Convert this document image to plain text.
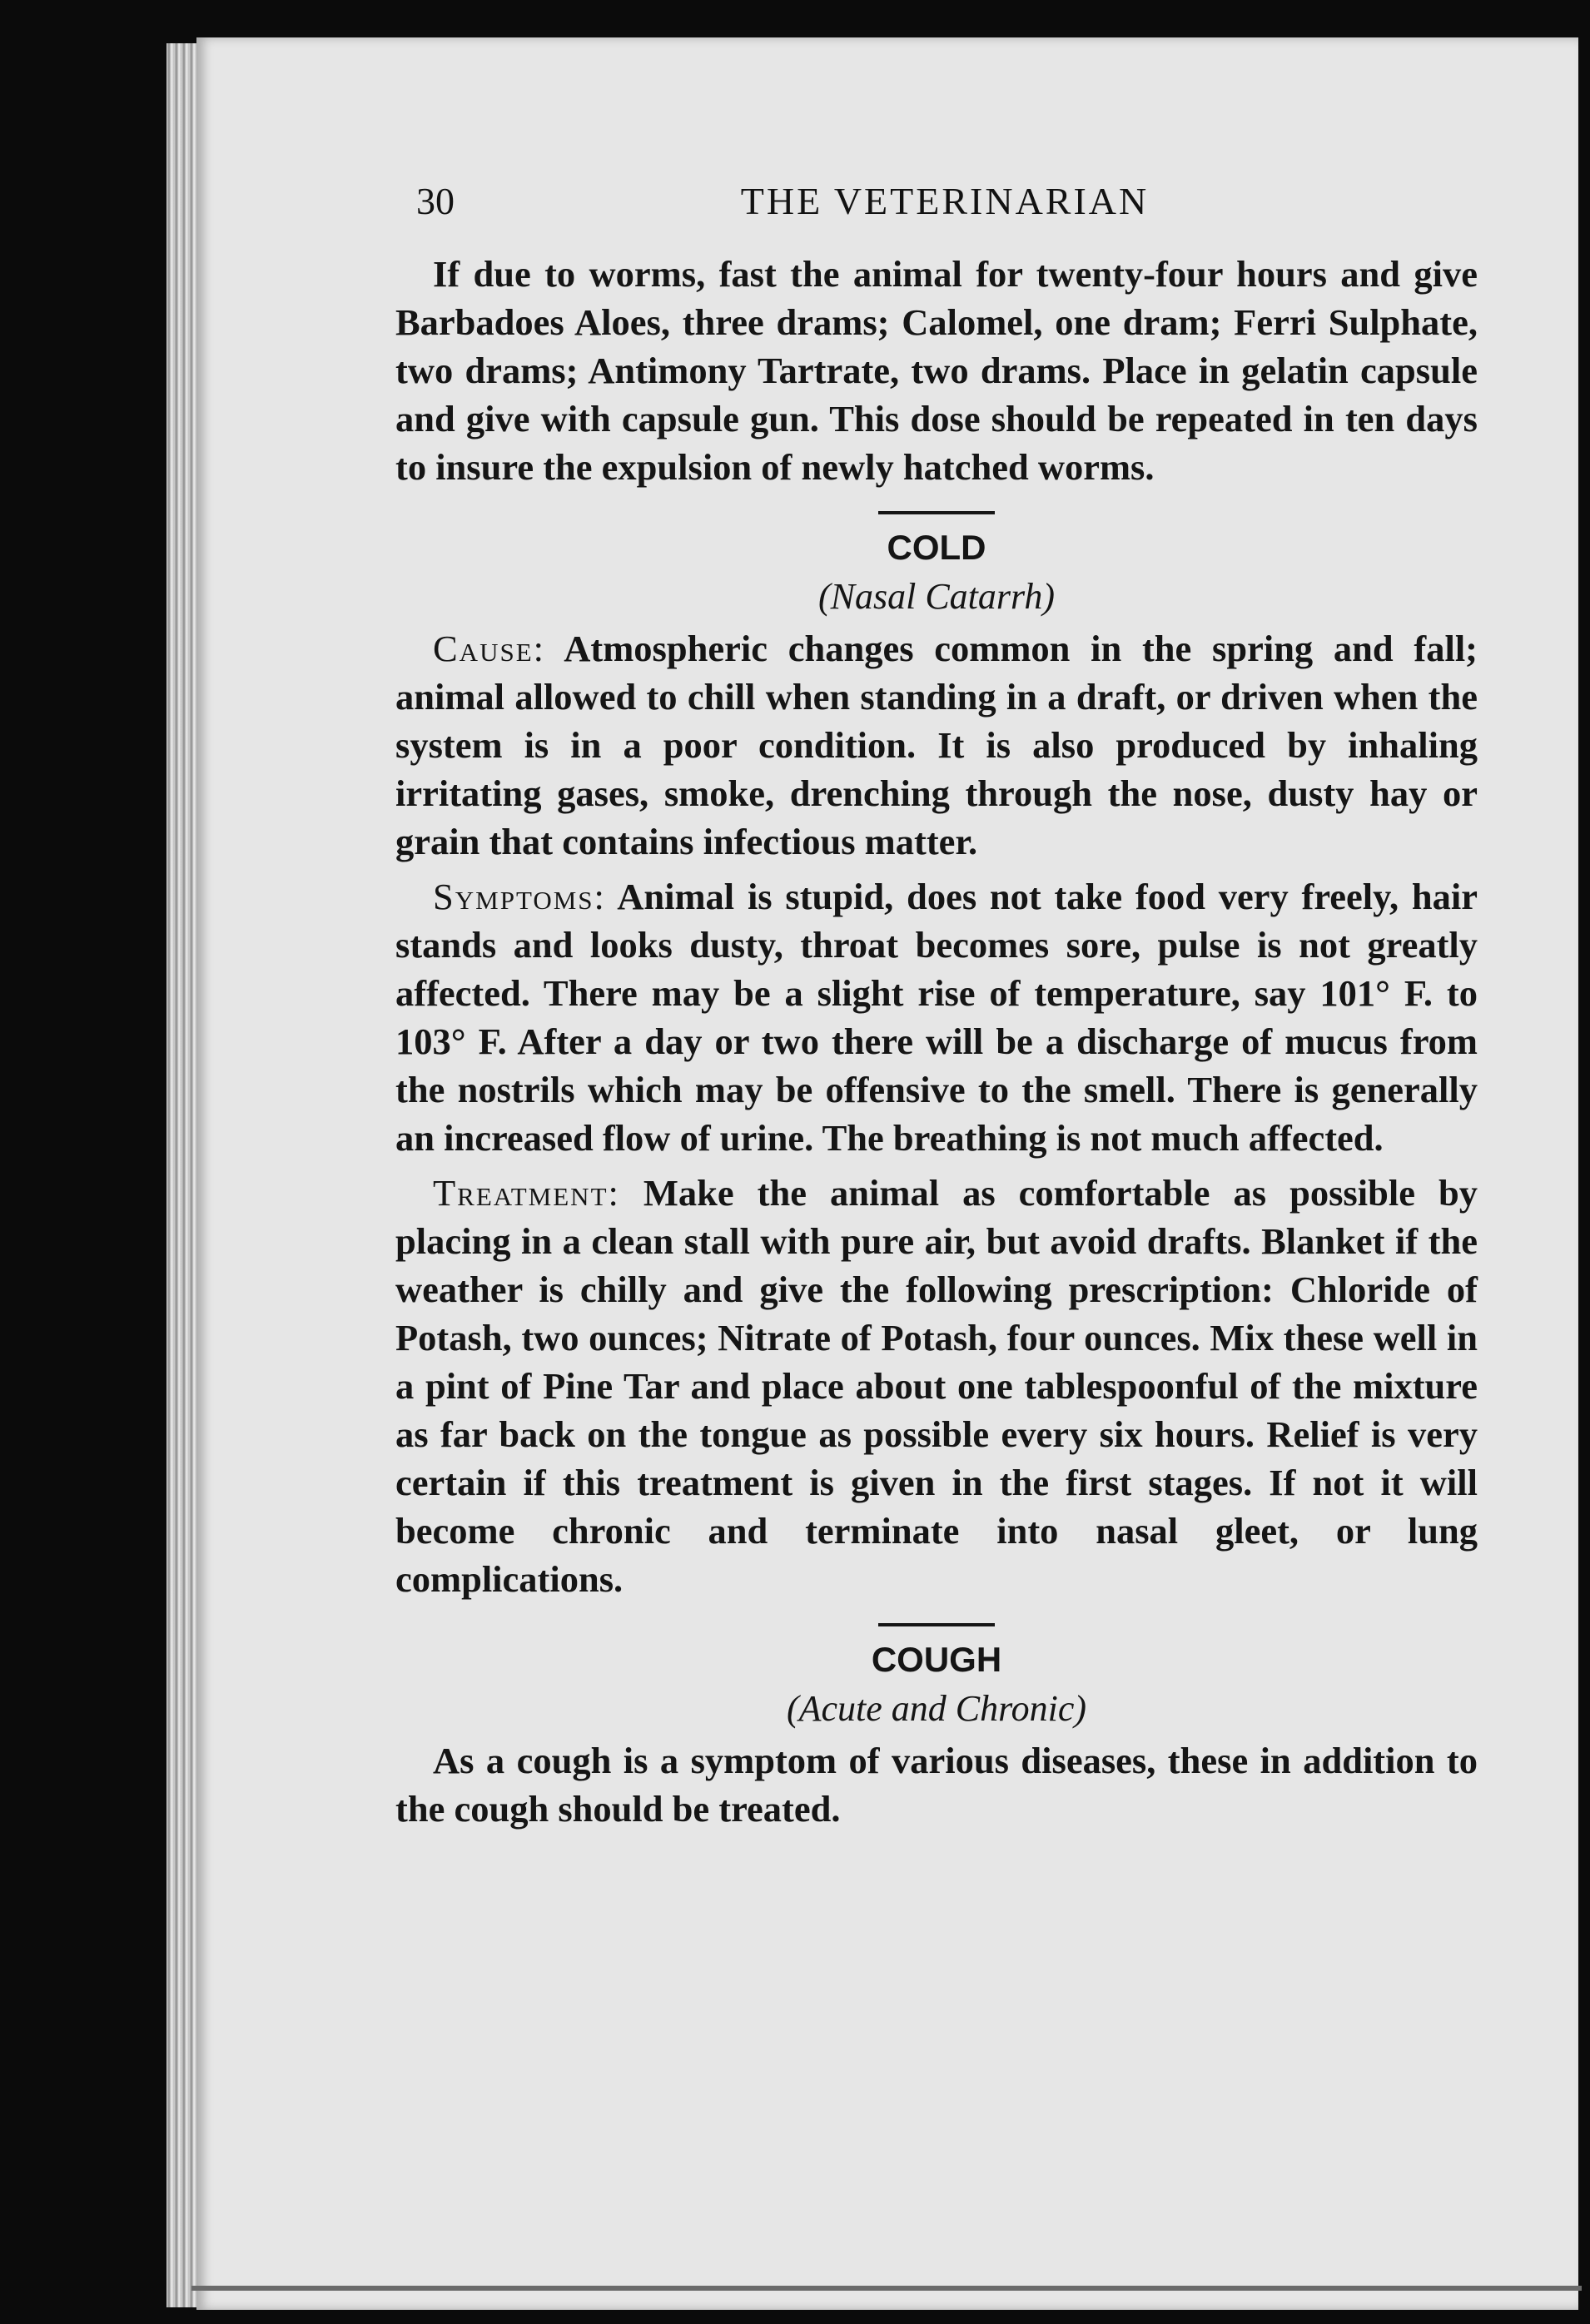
30	THE VETERINARIAN

If due to worms, fast the animal for twenty-four hours and give Barbadoes Aloes, three drams; Calomel, one dram; Ferri Sulphate, two drams; Antimony Tartrate, two drams. Place in gelatin capsule and give with capsule gun. This dose should be repeated in ten days to insure the expulsion of newly hatched worms.

COLD

(Nasal Catarrh)

Cause: Atmospheric changes common in the spring and fall; animal allowed to chill when standing in a draft, or driven when the system is in a poor condition. It is also produced by inhaling irritating gases, smoke, drenching through the nose, dusty hay or grain that contains infectious matter.

Symptoms: Animal is stupid, does not take food very freely, hair stands and looks dusty, throat becomes sore, pulse is not greatly affected. There may be a slight rise of temperature, say 101° F. to 103° F. After a day or two there will be a discharge of mucus from the nostrils which may be offensive to the smell. There is generally an increased flow of urine. The breathing is not much affected.

Treatment: Make the animal as comfortable as possible by placing in a clean stall with pure air, but avoid drafts. Blanket if the weather is chilly and give the following prescription: Chloride of Potash, two ounces; Nitrate of Potash, four ounces. Mix these well in a pint of Pine Tar and place about one tablespoonful of the mixture as far back on the tongue as possible every six hours. Relief is very certain if this treatment is given in the first stages. If not it will become chronic and terminate into nasal gleet, or lung complications.

COUGH

(Acute and Chronic)

As a cough is a symptom of various diseases, these in addition to the cough should be treated.
